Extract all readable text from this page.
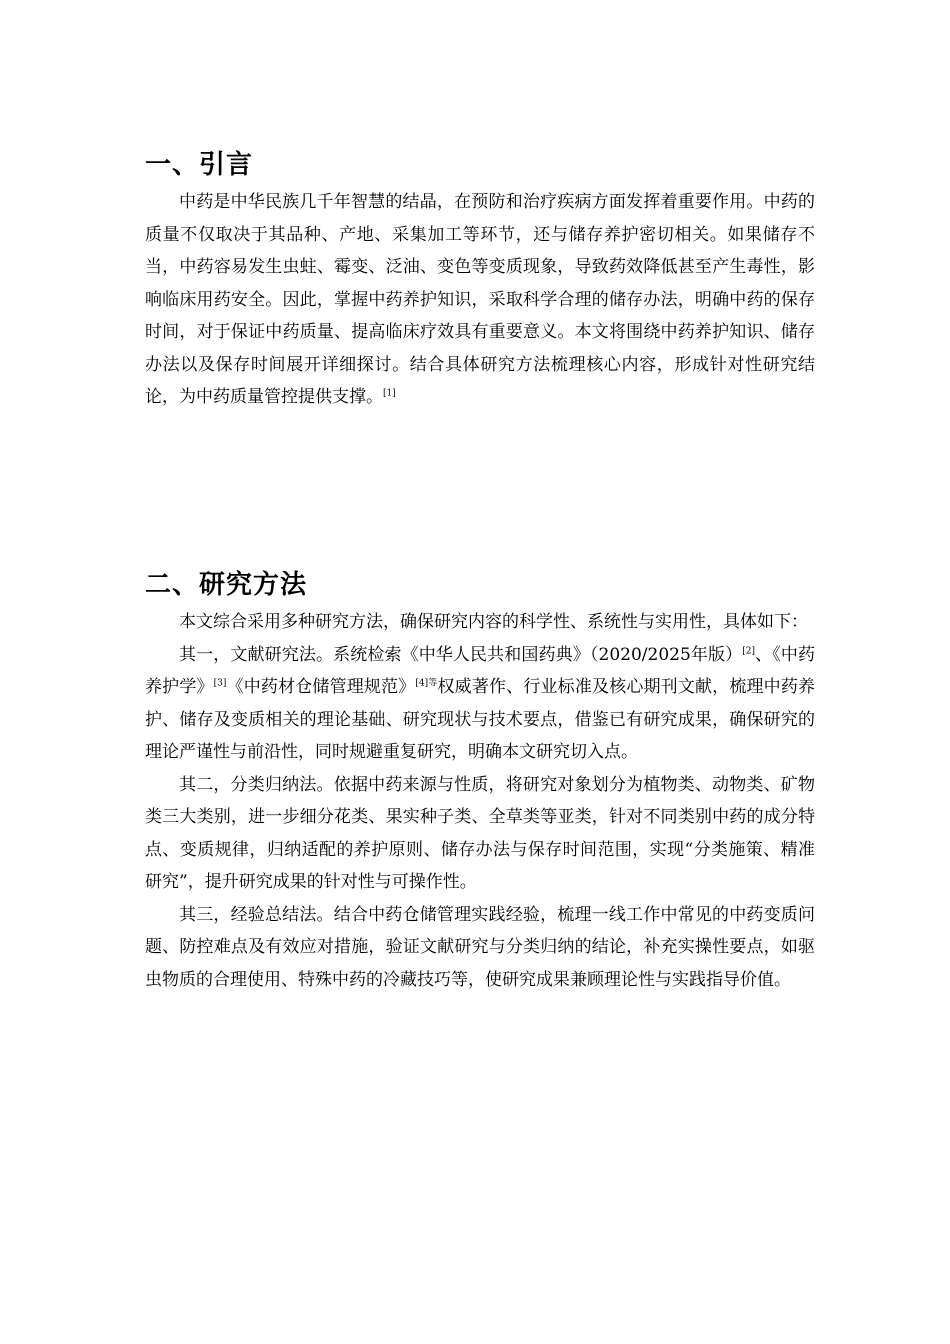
一、引言

中药是中华民族几千年智慧的结晶，在预防和治疗疾病方面发挥着重要作用。中药的质量不仅取决于其品种、产地、采集加工等环节，还与储存养护密切相关。如果储存不当，中药容易发生虫蛀、霉变、泛油、变色等变质现象，导致药效降低甚至产生毒性，影响临床用药安全。因此，掌握中药养护知识，采取科学合理的储存办法，明确中药的保存时间，对于保证中药质量、提高临床疗效具有重要意义。本文将围绕中药养护知识、储存办法以及保存时间展开详细探讨。结合具体研究方法梳理核心内容，形成针对性研究结论，为中药质量管控提供支撑。[1]

二、研究方法

本文综合采用多种研究方法，确保研究内容的科学性、系统性与实用性，具体如下：

其一，文献研究法。系统检索《中华人民共和国药典》（2020/2025年版）[2]、《中药养护学》[3]《中药材仓储管理规范》$^{[4]等}$权威著作、行业标准及核心期刊文献，梳理中药养护、储存及变质相关的理论基础、研究现状与技术要点，借鉴已有研究成果，确保研究的理论严谨性与前沿性，同时规避重复研究，明确本文研究切入点。

其二，分类归纳法。依据中药来源与性质，将研究对象划分为植物类、动物类、矿物类三大类别，进一步细分花类、果实种子类、全草类等亚类，针对不同类别中药的成分特点、变质规律，归纳适配的养护原则、储存办法与保存时间范围，实现“分类施策、精准研究”，提升研究成果的针对性与可操作性。

其三，经验总结法。结合中药仓储管理实践经验，梳理一线工作中常见的中药变质问题、防控难点及有效应对措施，验证文献研究与分类归纳的结论，补充实操性要点，如驱虫物质的合理使用、特殊中药的冷藏技巧等，使研究成果兼顾理论性与实践指导价值。
